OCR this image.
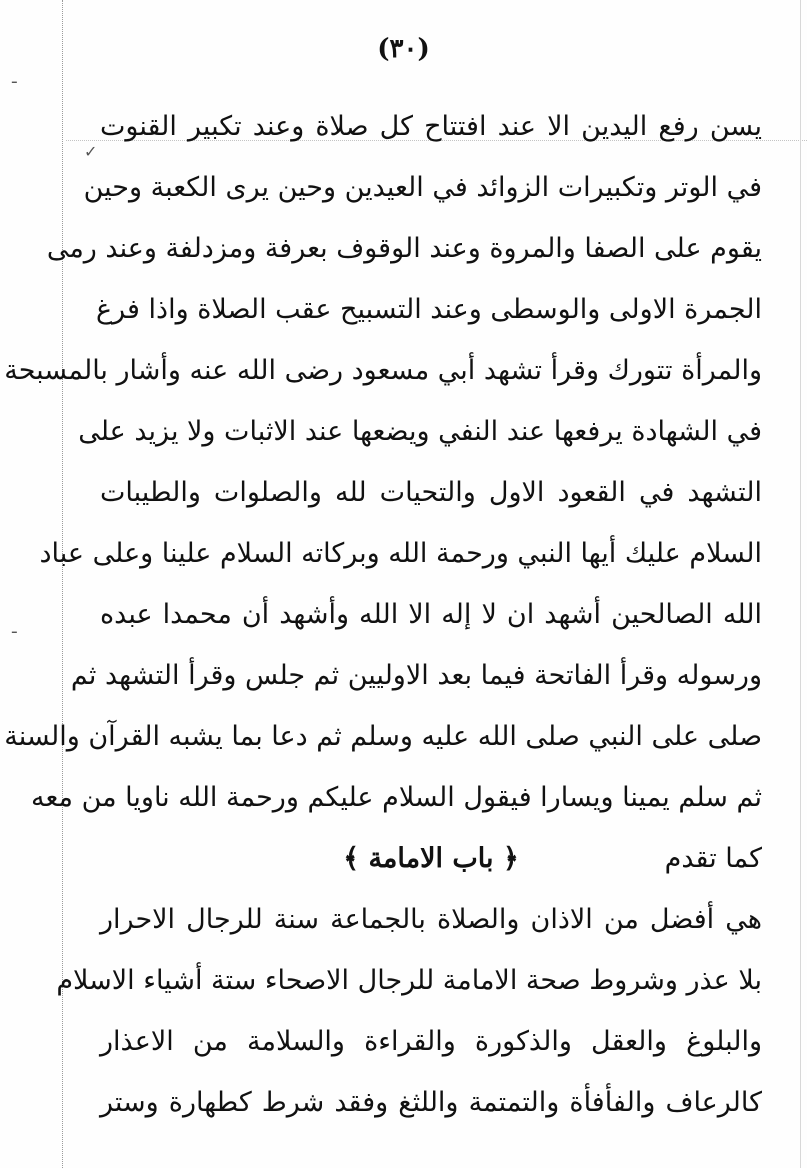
✓
ـ
ـ
(٣٠)
يسن رفع اليدين الا عند افتتاح كل صلاة وعند تكبير القنوت
في الوتر وتكبيرات الزوائد في العيدين وحين يرى الكعبة وحين
يقوم على الصفا والمروة وعند الوقوف بعرفة ومزدلفة وعند رمى
الجمرة الاولى والوسطى وعند التسبيح عقب الصلاة واذا فرغ
والمرأة تتورك وقرأ تشهد أبي مسعود رضى الله عنه وأشار بالمسبحة
في الشهادة يرفعها عند النفي ويضعها عند الاثبات ولا يزيد على
التشهد في القعود الاول والتحيات لله والصلوات والطيبات
السلام عليك أيها النبي ورحمة الله وبركاته السلام علينا وعلى عباد
الله الصالحين أشهد ان لا إله الا الله وأشهد أن محمدا عبده
ورسوله وقرأ الفاتحة فيما بعد الاوليين ثم جلس وقرأ التشهد ثم
صلى على النبي صلى الله عليه وسلم ثم دعا بما يشبه القرآن والسنة
ثم سلم يمينا ويسارا فيقول السلام عليكم ورحمة الله ناويا من معه
كما تقدم
﴿ باب الامامة ﴾
هي أفضل من الاذان والصلاة بالجماعة سنة للرجال الاحرار
بلا عذر وشروط صحة الامامة للرجال الاصحاء ستة أشياء الاسلام
والبلوغ والعقل والذكورة والقراءة والسلامة من الاعذار
كالرعاف والفأفأة والتمتمة واللثغ وفقد شرط كطهارة وستر
